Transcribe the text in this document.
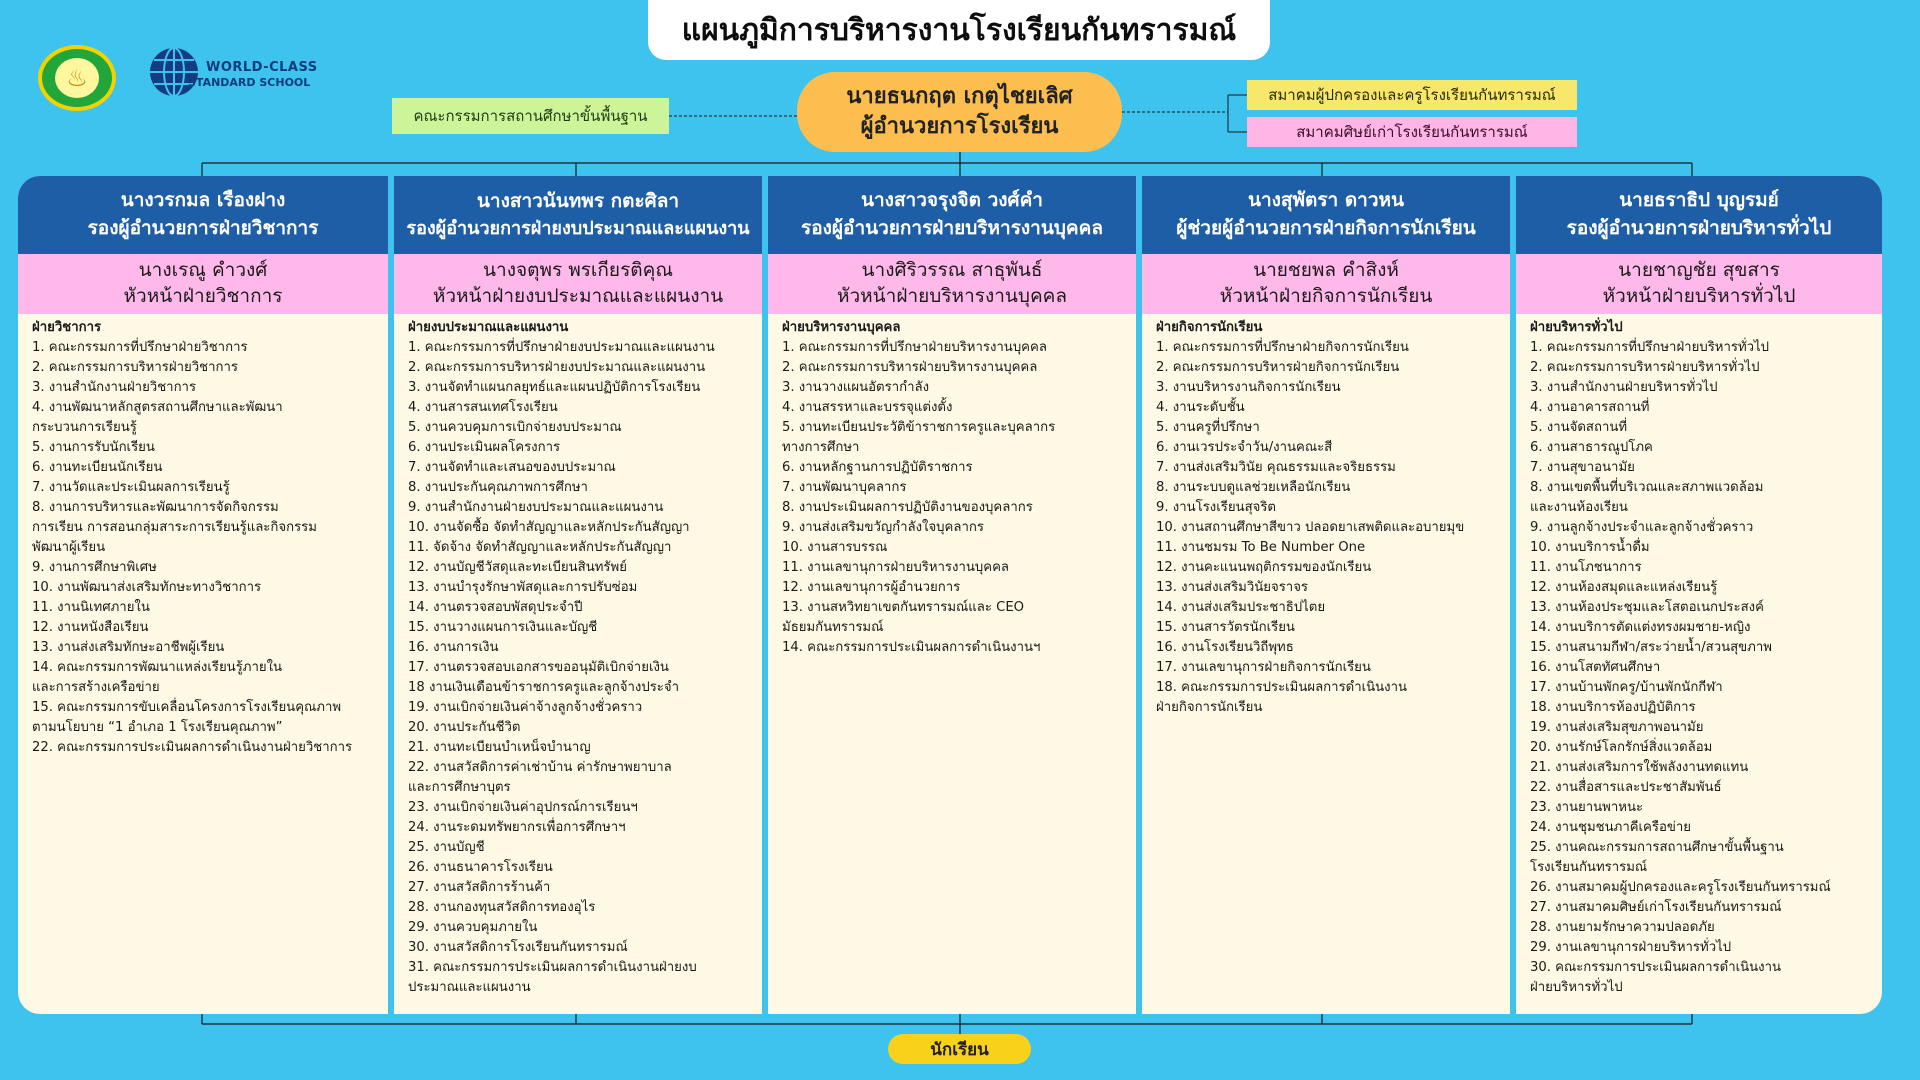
แผนภูมิการบริหารงานโรงเรียนกันทรารมณ์
♨	WORLD-CLASS
STANDARD SCHOOL
คณะกรรมการสถานศึกษาขั้นพื้นฐาน
นายธนกฤต เกตุไชยเลิศ
ผู้อำนวยการโรงเรียน
สมาคมผู้ปกครองและครูโรงเรียนกันทรารมณ์
สมาคมศิษย์เก่าโรงเรียนกันทรารมณ์
นางวรกมล เรืองฝาง
รองผู้อำนวยการฝ่ายวิชาการ
นางเรณู คำวงศ์
หัวหน้าฝ่ายวิชาการ
ฝ่ายวิชาการ
1. คณะกรรมการที่ปรึกษาฝ่ายวิชาการ
2. คณะกรรมการบริหารฝ่ายวิชาการ
3. งานสำนักงานฝ่ายวิชาการ
4. งานพัฒนาหลักสูตรสถานศึกษาและพัฒนา
กระบวนการเรียนรู้
5. งานการรับนักเรียน
6. งานทะเบียนนักเรียน
7. งานวัดและประเมินผลการเรียนรู้
8. งานการบริหารและพัฒนาการจัดกิจกรรม
การเรียน การสอนกลุ่มสาระการเรียนรู้และกิจกรรม
พัฒนาผู้เรียน
9. งานการศึกษาพิเศษ
10. งานพัฒนาส่งเสริมทักษะทางวิชาการ
11. งานนิเทศภายใน
12. งานหนังสือเรียน
13. งานส่งเสริมทักษะอาชีพผู้เรียน
14. คณะกรรมการพัฒนาแหล่งเรียนรู้ภายใน
และการสร้างเครือข่าย
15. คณะกรรมการขับเคลื่อนโครงการโรงเรียนคุณภาพ
ตามนโยบาย “1 อำเภอ 1 โรงเรียนคุณภาพ”
22. คณะกรรมการประเมินผลการดำเนินงานฝ่ายวิชาการ
นางสาวนันทพร กตะศิลา
รองผู้อำนวยการฝ่ายงบประมาณและแผนงาน
นางจตุพร พรเกียรติคุณ
หัวหน้าฝ่ายงบประมาณและแผนงาน
ฝ่ายงบประมาณและแผนงาน
1. คณะกรรมการที่ปรึกษาฝ่ายงบประมาณและแผนงาน
2. คณะกรรมการบริหารฝ่ายงบประมาณและแผนงาน
3. งานจัดทำแผนกลยุทธ์และแผนปฏิบัติการโรงเรียน
4. งานสารสนเทศโรงเรียน
5. งานควบคุมการเบิกจ่ายงบประมาณ
6. งานประเมินผลโครงการ
7. งานจัดทำและเสนอของบประมาณ
8. งานประกันคุณภาพการศึกษา
9. งานสำนักงานฝ่ายงบประมาณและแผนงาน
10. งานจัดซื้อ จัดทำสัญญาและหลักประกันสัญญา
11. จัดจ้าง จัดทำสัญญาและหลักประกันสัญญา
12. งานบัญชีวัสดุและทะเบียนสินทรัพย์
13. งานบำรุงรักษาพัสดุและการปรับซ่อม
14. งานตรวจสอบพัสดุประจำปี
15. งานวางแผนการเงินและบัญชี
16. งานการเงิน
17. งานตรวจสอบเอกสารขออนุมัติเบิกจ่ายเงิน
18 งานเงินเดือนข้าราชการครูและลูกจ้างประจำ
19. งานเบิกจ่ายเงินค่าจ้างลูกจ้างชั่วคราว
20. งานประกันชีวิต
21. งานทะเบียนบำเหน็จบำนาญ
22. งานสวัสดิการค่าเช่าบ้าน ค่ารักษาพยาบาล
และการศึกษาบุตร
23. งานเบิกจ่ายเงินค่าอุปกรณ์การเรียนฯ
24. งานระดมทรัพยากรเพื่อการศึกษาฯ
25. งานบัญชี
26. งานธนาคารโรงเรียน
27. งานสวัสดิการร้านค้า
28. งานกองทุนสวัสดิการทองอุไร
29. งานควบคุมภายใน
30. งานสวัสดิการโรงเรียนกันทรารมณ์
31. คณะกรรมการประเมินผลการดำเนินงานฝ่ายงบ
ประมาณและแผนงาน
นางสาวจรุงจิต วงศ์คำ
รองผู้อำนวยการฝ่ายบริหารงานบุคคล
นางศิริวรรณ สาธุพันธ์
หัวหน้าฝ่ายบริหารงานบุคคล
ฝ่ายบริหารงานบุคคล
1. คณะกรรมการที่ปรึกษาฝ่ายบริหารงานบุคคล
2. คณะกรรมการบริหารฝ่ายบริหารงานบุคคล
3. งานวางแผนอัตรากำลัง
4. งานสรรหาและบรรจุแต่งตั้ง
5. งานทะเบียนประวัติข้าราชการครูและบุคลากร
ทางการศึกษา
6. งานหลักฐานการปฏิบัติราชการ
7. งานพัฒนาบุคลากร
8. งานประเมินผลการปฏิบัติงานของบุคลากร
9. งานส่งเสริมขวัญกำลังใจบุคลากร
10. งานสารบรรณ
11. งานเลขานุการฝ่ายบริหารงานบุคคล
12. งานเลขานุการผู้อำนวยการ
13. งานสหวิทยาเขตกันทรารมณ์และ CEO
มัธยมกันทรารมณ์
14. คณะกรรมการประเมินผลการดำเนินงานฯ
นางสุพัตรา ดาวหน
ผู้ช่วยผู้อำนวยการฝ่ายกิจการนักเรียน
นายชยพล คำสิงห์
หัวหน้าฝ่ายกิจการนักเรียน
ฝ่ายกิจการนักเรียน
1. คณะกรรมการที่ปรึกษาฝ่ายกิจการนักเรียน
2. คณะกรรมการบริหารฝ่ายกิจการนักเรียน
3. งานบริหารงานกิจการนักเรียน
4. งานระดับชั้น
5. งานครูที่ปรึกษา
6. งานเวรประจำวัน/งานคณะสี
7. งานส่งเสริมวินัย คุณธรรมและจริยธรรม
8. งานระบบดูแลช่วยเหลือนักเรียน
9. งานโรงเรียนสุจริต
10. งานสถานศึกษาสีขาว ปลอดยาเสพติดและอบายมุข
11. งานชมรม To Be Number One
12. งานคะแนนพฤติกรรมของนักเรียน
13. งานส่งเสริมวินัยจราจร
14. งานส่งเสริมประชาธิปไตย
15. งานสารวัตรนักเรียน
16. งานโรงเรียนวิถีพุทธ
17. งานเลขานุการฝ่ายกิจการนักเรียน
18. คณะกรรมการประเมินผลการดำเนินงาน
ฝ่ายกิจการนักเรียน
นายธราธิป บุญรมย์
รองผู้อำนวยการฝ่ายบริหารทั่วไป
นายชาญชัย สุขสาร
หัวหน้าฝ่ายบริหารทั่วไป
ฝ่ายบริหารทั่วไป
1. คณะกรรมการที่ปรึกษาฝ่ายบริหารทั่วไป
2. คณะกรรมการบริหารฝ่ายบริหารทั่วไป
3. งานสำนักงานฝ่ายบริหารทั่วไป
4. งานอาคารสถานที่
5. งานจัดสถานที่
6. งานสาธารณูปโภค
7. งานสุขาอนามัย
8. งานเขตพื้นที่บริเวณและสภาพแวดล้อม
และงานห้องเรียน
9. งานลูกจ้างประจำและลูกจ้างชั่วคราว
10. งานบริการน้ำดื่ม
11. งานโภชนาการ
12. งานห้องสมุดและแหล่งเรียนรู้
13. งานห้องประชุมและโสตอเนกประสงค์
14. งานบริการตัดแต่งทรงผมชาย-หญิง
15. งานสนามกีฬา/สระว่ายน้ำ/สวนสุขภาพ
16. งานโสตทัศนศึกษา
17. งานบ้านพักครู/บ้านพักนักกีฬา
18. งานบริการห้องปฏิบัติการ
19. งานส่งเสริมสุขภาพอนามัย
20. งานรักษ์โลกรักษ์สิ่งแวดล้อม
21. งานส่งเสริมการใช้พลังงานทดแทน
22. งานสื่อสารและประชาสัมพันธ์
23. งานยานพาหนะ
24. งานชุมชนภาคีเครือข่าย
25. งานคณะกรรมการสถานศึกษาขั้นพื้นฐาน
โรงเรียนกันทรารมณ์
26. งานสมาคมผู้ปกครองและครูโรงเรียนกันทรารมณ์
27. งานสมาคมศิษย์เก่าโรงเรียนกันทรารมณ์
28. งานยามรักษาความปลอดภัย
29. งานเลขานุการฝ่ายบริหารทั่วไป
30. คณะกรรมการประเมินผลการดำเนินงาน
ฝ่ายบริหารทั่วไป
นักเรียน
